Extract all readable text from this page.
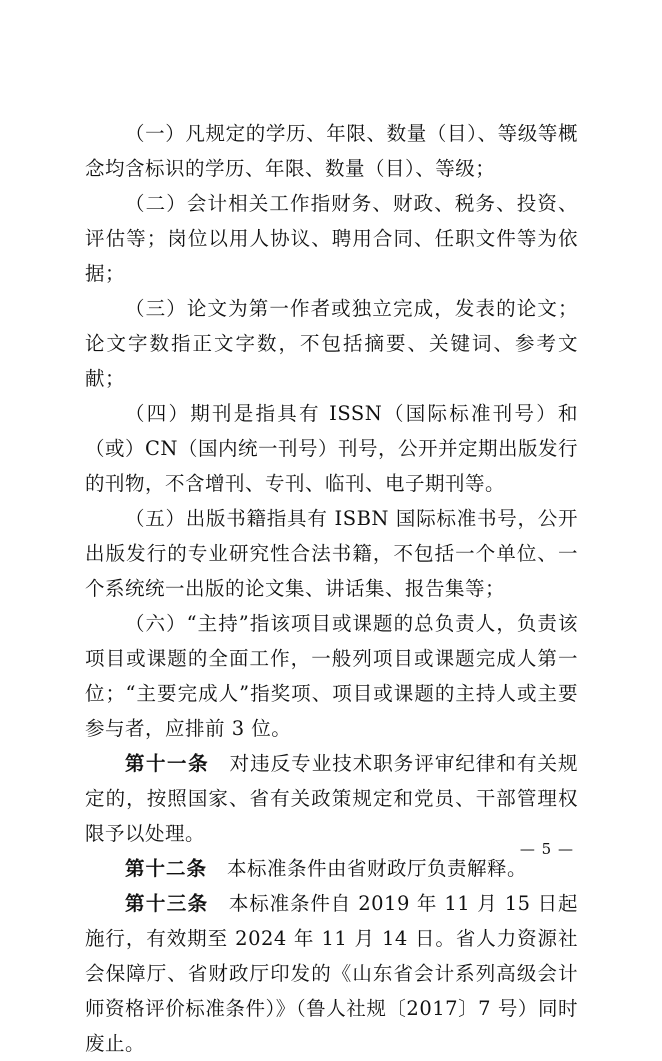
（一）凡规定的学历、年限、数量（目）、等级等概念均含标识的学历、年限、数量（目）、等级；

（二）会计相关工作指财务、财政、税务、投资、评估等；岗位以用人协议、聘用合同、任职文件等为依据；

（三）论文为第一作者或独立完成，发表的论文；论文字数指正文字数，不包括摘要、关键词、参考文献；

（四）期刊是指具有 ISSN（国际标准刊号）和（或）CN（国内统一刊号）刊号，公开并定期出版发行的刊物，不含增刊、专刊、临刊、电子期刊等。

（五）出版书籍指具有 ISBN 国际标准书号，公开出版发行的专业研究性合法书籍，不包括一个单位、一个系统统一出版的论文集、讲话集、报告集等；

（六）“主持”指该项目或课题的总负责人，负责该项目或课题的全面工作，一般列项目或课题完成人第一位；“主要完成人”指奖项、项目或课题的主持人或主要参与者，应排前 3 位。

第十一条　对违反专业技术职务评审纪律和有关规定的，按照国家、省有关政策规定和党员、干部管理权限予以处理。

第十二条　本标准条件由省财政厅负责解释。

第十三条　本标准条件自 2019 年 11 月 15 日起施行，有效期至 2024 年 11 月 14 日。省人力资源社会保障厅、省财政厅印发的《山东省会计系列高级会计师资格评价标准条件）》（鲁人社规〔2017〕7 号）同时废止。

— 5 —
